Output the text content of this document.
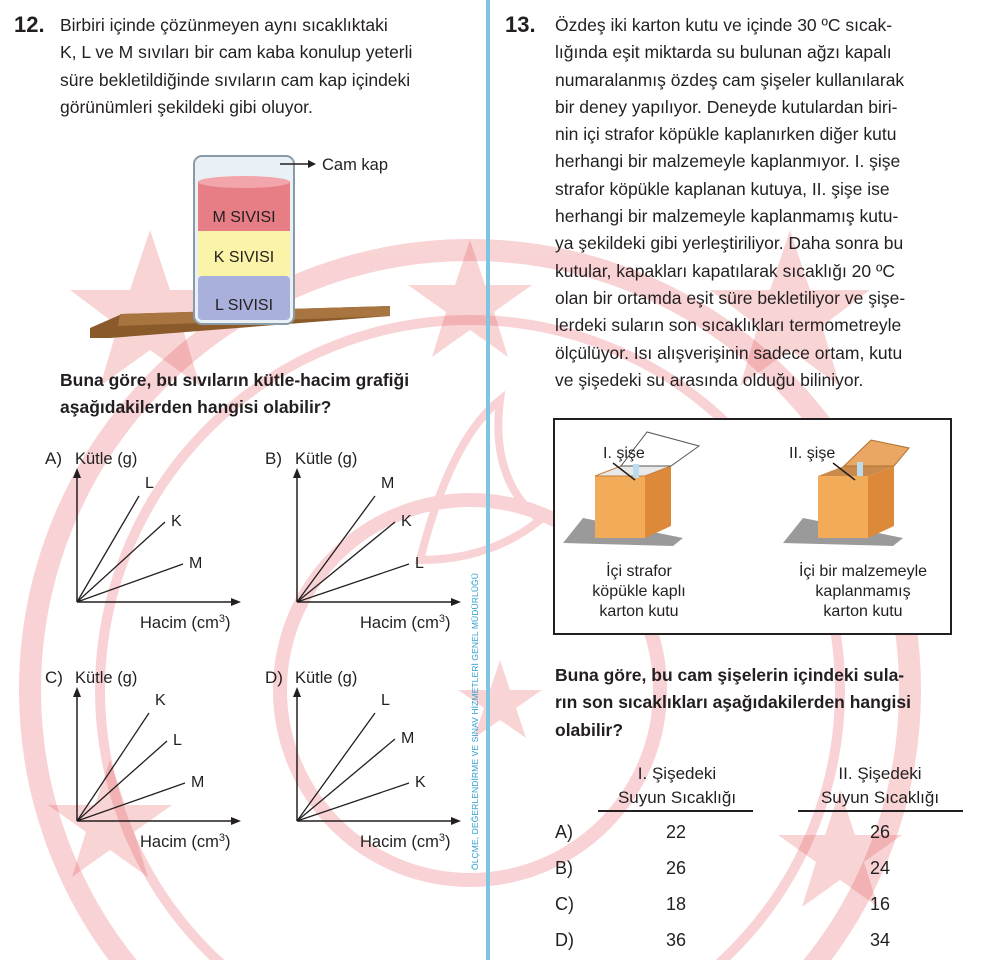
ÖLÇME, DEĞERLENDİRME VE SINAV HİZMETLERİ GENEL MÜDÜRLÜĞÜ
12. Birbiri içinde çözünmeyen aynı sıcaklıktaki
K, L ve M sıvıları bir cam kaba konulup yeterli
süre bekletildiğinde sıvıların cam kap içindeki
görünümleri şekildeki gibi oluyor.
Cam kap
M SIVISI
K SIVISI
L SIVISI
Buna göre, bu sıvıların kütle-hacim grafiği
aşağıdakilerden hangisi olabilir?
A) Kütle (g)
L
K
M
Hacim $(cm^3)$
B) Kütle (g)
M
K
L
Hacim $(cm^3)$
C) Kütle (g)
K
L
M
Hacim $(cm^3)$
D) Kütle (g)
L
M
K
Hacim $(cm^3)$
13. Özdeş iki karton kutu ve içinde 30 ºC sıcak-
lığında eşit miktarda su bulunan ağzı kapalı
numaralanmış özdeş cam şişeler kullanılarak
bir deney yapılıyor. Deneyde kutulardan biri-
nin içi strafor köpükle kaplanırken diğer kutu
herhangi bir malzemeyle kaplanmıyor. I. şişe
strafor köpükle kaplanan kutuya, II. şişe ise
herhangi bir malzemeyle kaplanmamış kutu-
ya şekildeki gibi yerleştiriliyor. Daha sonra bu
kutular, kapakları kapatılarak sıcaklığı 20 ºC
olan bir ortamda eşit süre bekletiliyor ve şişe-
lerdeki suların son sıcaklıkları termometreyle
ölçülüyor. Isı alışverişinin sadece ortam, kutu
ve şişedeki su arasında olduğu biliniyor.
I. şişe
İçi strafor
köpükle kaplı
karton kutu
II. şişe
İçi bir malzemeyle
kaplanmamış
karton kutu
Buna göre, bu cam şişelerin içindeki sula-
rın son sıcaklıkları aşağıdakilerden hangisi
olabilir?
I. Şişedeki
Suyun Sıcaklığı
II. Şişedeki
Suyun Sıcaklığı
A)	22	26
B)	26	24
C)	18	16
D)	36	34
